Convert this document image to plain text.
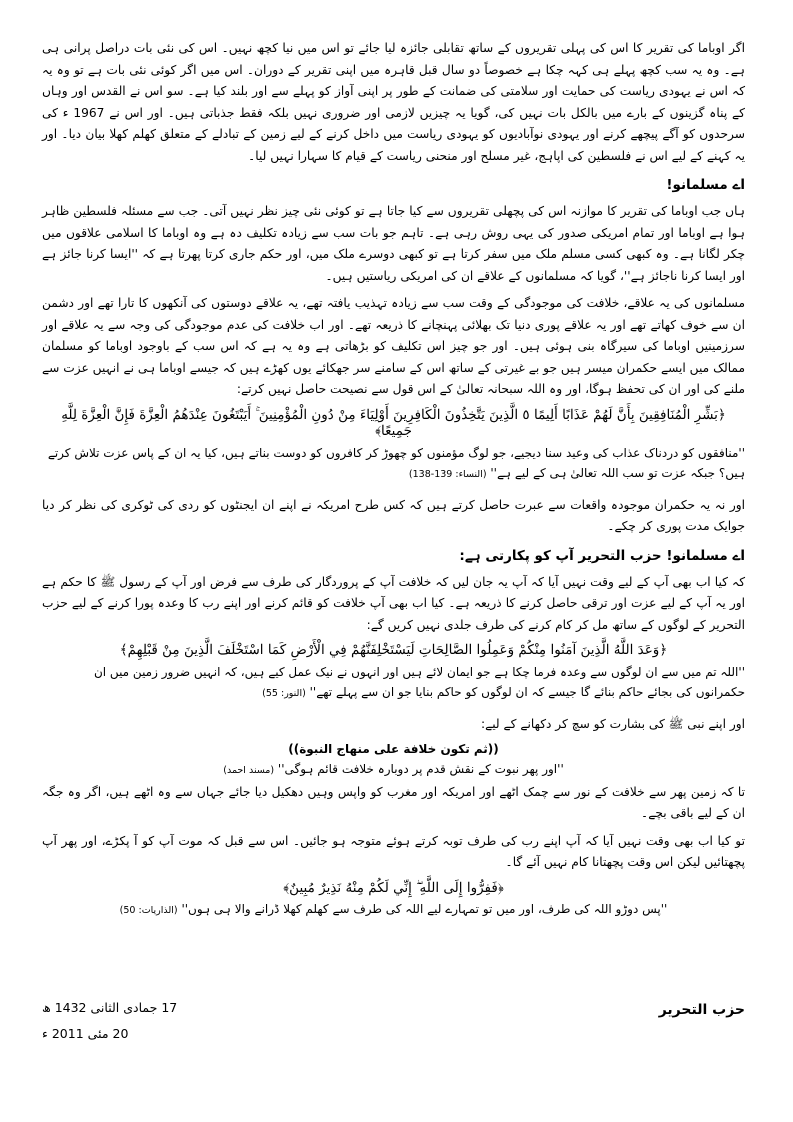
اگر اوباما کی تقریر کا اس کی پہلی تقریروں کے ساتھ تقابلی جائزہ لیا جائے تو اس میں نیا کچھ نہیں۔ اس کی نئی بات دراصل پرانی ہی ہے۔ وہ یہ سب کچھ پہلے ہی کہہ چکا ہے خصوصاً دو سال قبل قاہرہ میں اپنی تقریر کے دوران۔ اس میں اگر کوئی نئی بات ہے تو وہ یہ کہ اس نے یہودی ریاست کی حمایت اور سلامتی کی ضمانت کے طور پر اپنی آواز کو پہلے سے اور بلند کیا ہے۔ سو اس نے القدس اور وہاں کے پناہ گزینوں کے بارے میں بالکل بات نہیں کی، گویا یہ چیزیں لازمی اور ضروری نہیں بلکہ فقط جذباتی ہیں۔ اور اس نے 1967 ء کی سرحدوں کو آگے پیچھے کرنے اور یہودی نوآبادیوں کو یہودی ریاست میں داخل کرنے کے لیے زمین کے تبادلے کے متعلق کھلم کھلا بیان دیا۔ اور یہ کہنے کے لیے اس نے فلسطین کی اپاہج، غیر مسلح اور منحنی ریاست کے قیام کا سہارا نہیں لیا۔

اے مسلمانو!

ہاں جب اوباما کی تقریر کا موازنہ اس کی پچھلی تقریروں سے کیا جاتا ہے تو کوئی نئی چیز نظر نہیں آتی۔ جب سے مسئلہ فلسطین ظاہر ہوا ہے اوباما اور تمام امریکی صدور کی یہی روش رہی ہے۔ تاہم جو بات سب سے زیادہ تکلیف دہ ہے وہ اوباما کا اسلامی علاقوں میں چکر لگانا ہے۔ وہ کبھی کسی مسلم ملک میں سفر کرتا ہے تو کبھی دوسرے ملک میں، اور حکم جاری کرتا پھرتا ہے کہ ''ایسا کرنا جائز ہے اور ایسا کرنا ناجائز ہے''، گویا کہ مسلمانوں کے علاقے ان کی امریکی ریاستیں ہیں۔

مسلمانوں کی یہ علاقے، خلافت کی موجودگی کے وقت سب سے زیادہ تہذیب یافتہ تھے، یہ علاقے دوستوں کی آنکھوں کا تارا تھے اور دشمن ان سے خوف کھاتے تھے اور یہ علاقے پوری دنیا تک بھلائی پہنچانے کا ذریعہ تھے۔ اور اب خلافت کی عدم موجودگی کی وجہ سے یہ علاقے اور سرزمینیں اوباما کی سیرگاہ بنی ہوئی ہیں۔ اور جو چیز اس تکلیف کو بڑھاتی ہے وہ یہ ہے کہ اس سب کے باوجود اوباما کو مسلمان ممالک میں ایسے حکمران میسر ہیں جو بے غیرتی کے ساتھ اس کے سامنے سر جھکائے یوں کھڑے ہیں کہ جیسے اوباما ہی نے انہیں عزت سے ملنے کی اور ان کی تحفظ ہوگا، اور وہ اللہ سبحانہ تعالیٰ کے اس قول سے نصیحت حاصل نہیں کرتے:

﴿بَشِّرِ الْمُنَافِقِينَ بِأَنَّ لَهُمْ عَذَابًا أَلِيمًا ٥ الَّذِينَ يَتَّخِذُونَ الْكَافِرِينَ أَوْلِيَاءَ مِنْ دُونِ الْمُؤْمِنِينَ ۚ أَيَبْتَغُونَ عِنْدَهُمُ الْعِزَّةَ فَإِنَّ الْعِزَّةَ لِلَّهِ جَمِيعًا﴾
''منافقوں کو دردناک عذاب کی وعید سنا دیجیے، جو لوگ مؤمنوں کو چھوڑ کر کافروں کو دوست بناتے ہیں، کیا یہ ان کے پاس عزت تلاش کرتے ہیں؟ جبکہ عزت تو سب اللہ تعالیٰ ہی کے لیے ہے'' (النساء: 139-138)

اور نہ یہ حکمران موجودہ واقعات سے عبرت حاصل کرتے ہیں کہ کس طرح امریکہ نے اپنے ان ایجنٹوں کو ردی کی ٹوکری کی نظر کر دیا جوایک مدت پوری کر چکے۔

اے مسلمانو! حزب التحریر آپ کو پکارتی ہے:

کہ کیا اب بھی آپ کے لیے وقت نہیں آیا کہ آپ یہ جان لیں کہ خلافت آپ کے پروردگار کی طرف سے فرض اور آپ کے رسول ﷺ کا حکم ہے اور یہ آپ کے لیے عزت اور ترقی حاصل کرنے کا ذریعہ ہے۔ کیا اب بھی آپ خلافت کو قائم کرنے اور اپنے رب کا وعدہ پورا کرنے کے لیے حزب التحریر کے لوگوں کے ساتھ مل کر کام کرنے کی طرف جلدی نہیں کریں گے:

﴿وَعَدَ اللَّهُ الَّذِينَ آمَنُوا مِنْكُمْ وَعَمِلُوا الصَّالِحَاتِ لَيَسْتَخْلِفَنَّهُمْ فِي الْأَرْضِ كَمَا اسْتَخْلَفَ الَّذِينَ مِنْ قَبْلِهِمْ﴾
''اللہ تم میں سے ان لوگوں سے وعدہ فرما چکا ہے جو ایمان لائے ہیں اور انہوں نے نیک عمل کیے ہیں، کہ انہیں ضرور زمین میں ان حکمرانوں کی بجائے حاکم بنائے گا جیسے کہ ان لوگوں کو حاکم بنایا جو ان سے پہلے تھے'' (النور: 55)

اور اپنے نبی ﷺ کی بشارت کو سچ کر دکھانے کے لیے:

((ثم تكون خلافة على منهاج النبوة))
''اور پھر نبوت کے نقش قدم پر دوبارہ خلافت قائم ہوگی'' (مسند احمد)

تا کہ زمین پھر سے خلافت کے نور سے چمک اٹھے اور امریکہ اور مغرب کو واپس وہیں دھکیل دیا جائے جہاں سے وہ اٹھے ہیں، اگر وہ جگہ ان کے لیے باقی بچے۔

تو کیا اب بھی وقت نہیں آیا کہ آپ اپنے رب کی طرف توبہ کرتے ہوئے متوجہ ہو جائیں۔ اس سے قبل کہ موت آپ کو آ پکڑے، اور پھر آپ پچھتائیں لیکن اس وقت پچھتانا کام نہیں آئے گا۔

﴿فَفِرُّوا إِلَى اللَّهِ ۖ إِنِّي لَكُمْ مِنْهُ نَذِيرٌ مُبِينٌ﴾
''پس دوڑو اللہ کی طرف، اور میں تو تمہارے لیے اللہ کی طرف سے کھلم کھلا ڈرانے والا ہی ہوں'' (الذاريات: 50)
17 جمادی الثانی 1432 ھ
20 مئی 2011 ء
حزب التحریر
